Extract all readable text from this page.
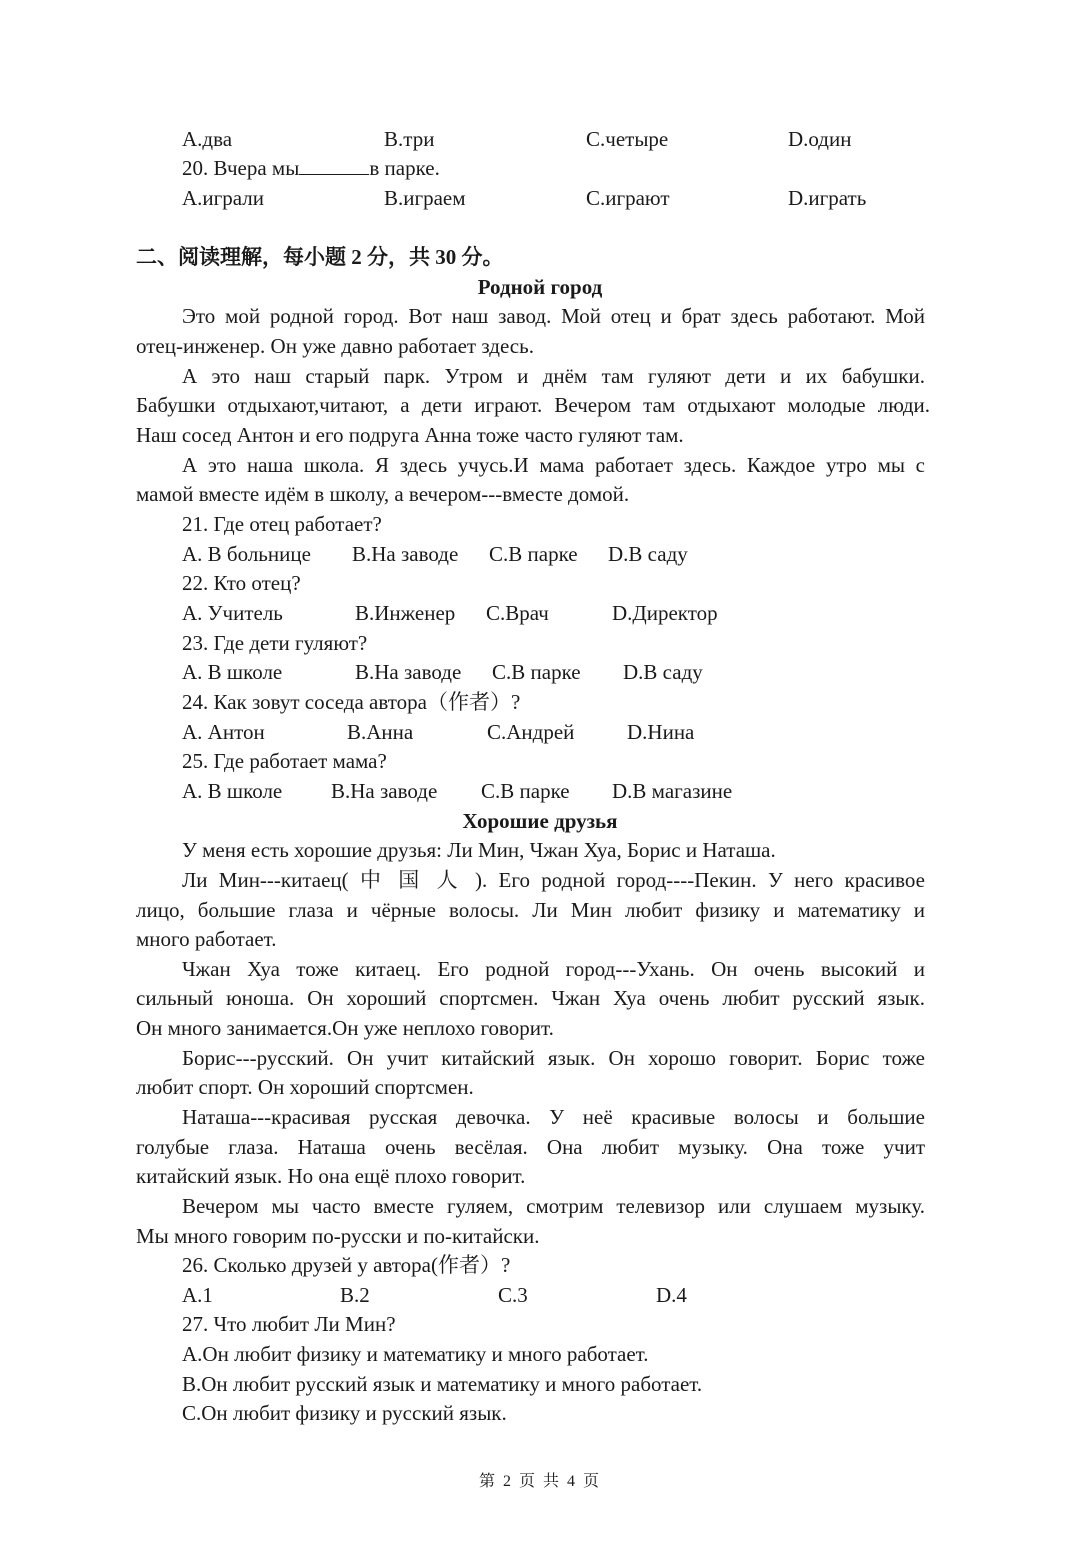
A.два	B.три	C.четыре	D.один
20. Вчера мы	в парке.
A.играли	B.играем	C.играют	D.играть
二、阅读理解，每小题 2 分，共 30 分。
Родной город
Это мой родной город. Вот наш завод. Мой отец и брат здесь работают. Мой
отец-инженер. Он уже давно работает здесь.
А это наш старый парк. Утром и днём там гуляют дети и их бабушки.
Бабушки отдыхают,читают, а дети играют. Вечером там отдыхают молодые люди.
Наш сосед Антон и его подруга Анна тоже часто гуляют там.
А это наша школа. Я здесь учусь.И мама работает здесь. Каждое утро мы с
мамой вместе идём в школу, а вечером---вместе домой.
21. Где отец работает?
A. В больнице B.На заводе C.В парке D.В саду
22. Кто отец?
A. Учитель	B.Инженер C.Врач	D.Директор
23. Где дети гуляют?
A. В школе	B.На заводе C.В парке D.В саду
24. Как зовут соседа автора（作者）?
A. Антон	B.Анна	C.Андрей	D.Нина
25. Где работает мама?
A. В школе B.На заводе C.В парке D.В магазине
Хорошие друзья
У меня есть хорошие друзья: Ли Мин, Чжан Хуа, Борис и Наташа.
Ли Мин---китаец( 中 国 人 ). Его родной город----Пекин. У него красивое
лицо, большие глаза и чёрные волосы. Ли Мин любит физику и математику и
много работает.
Чжан Хуа тоже китаец. Его родной город---Ухань. Он очень высокий и
сильный юноша. Он хороший спортсмен. Чжан Хуа очень любит русский язык.
Он много занимается.Он уже неплохо говорит.
Борис---русский. Он учит китайский язык. Он хорошо говорит. Борис тоже
любит спорт. Он хороший спортсмен.
Наташа---красивая русская девочка. У неё красивые волосы и большие
голубые глаза. Наташа очень весёлая. Она любит музыку. Она тоже учит
китайский язык. Но она ещё плохо говорит.
Вечером мы часто вместе гуляем, смотрим телевизор или слушаем музыку.
Мы много говорим по-русски и по-китайски.
26. Сколько друзей у автора(作者）?
A.1	B.2	C.3	D.4
27. Что любит Ли Мин?
A.Он любит физику и математику и много работает.
B.Он любит русский язык и математику и много работает.
C.Он любит физику и русский язык.
第 2 页 共 4 页
